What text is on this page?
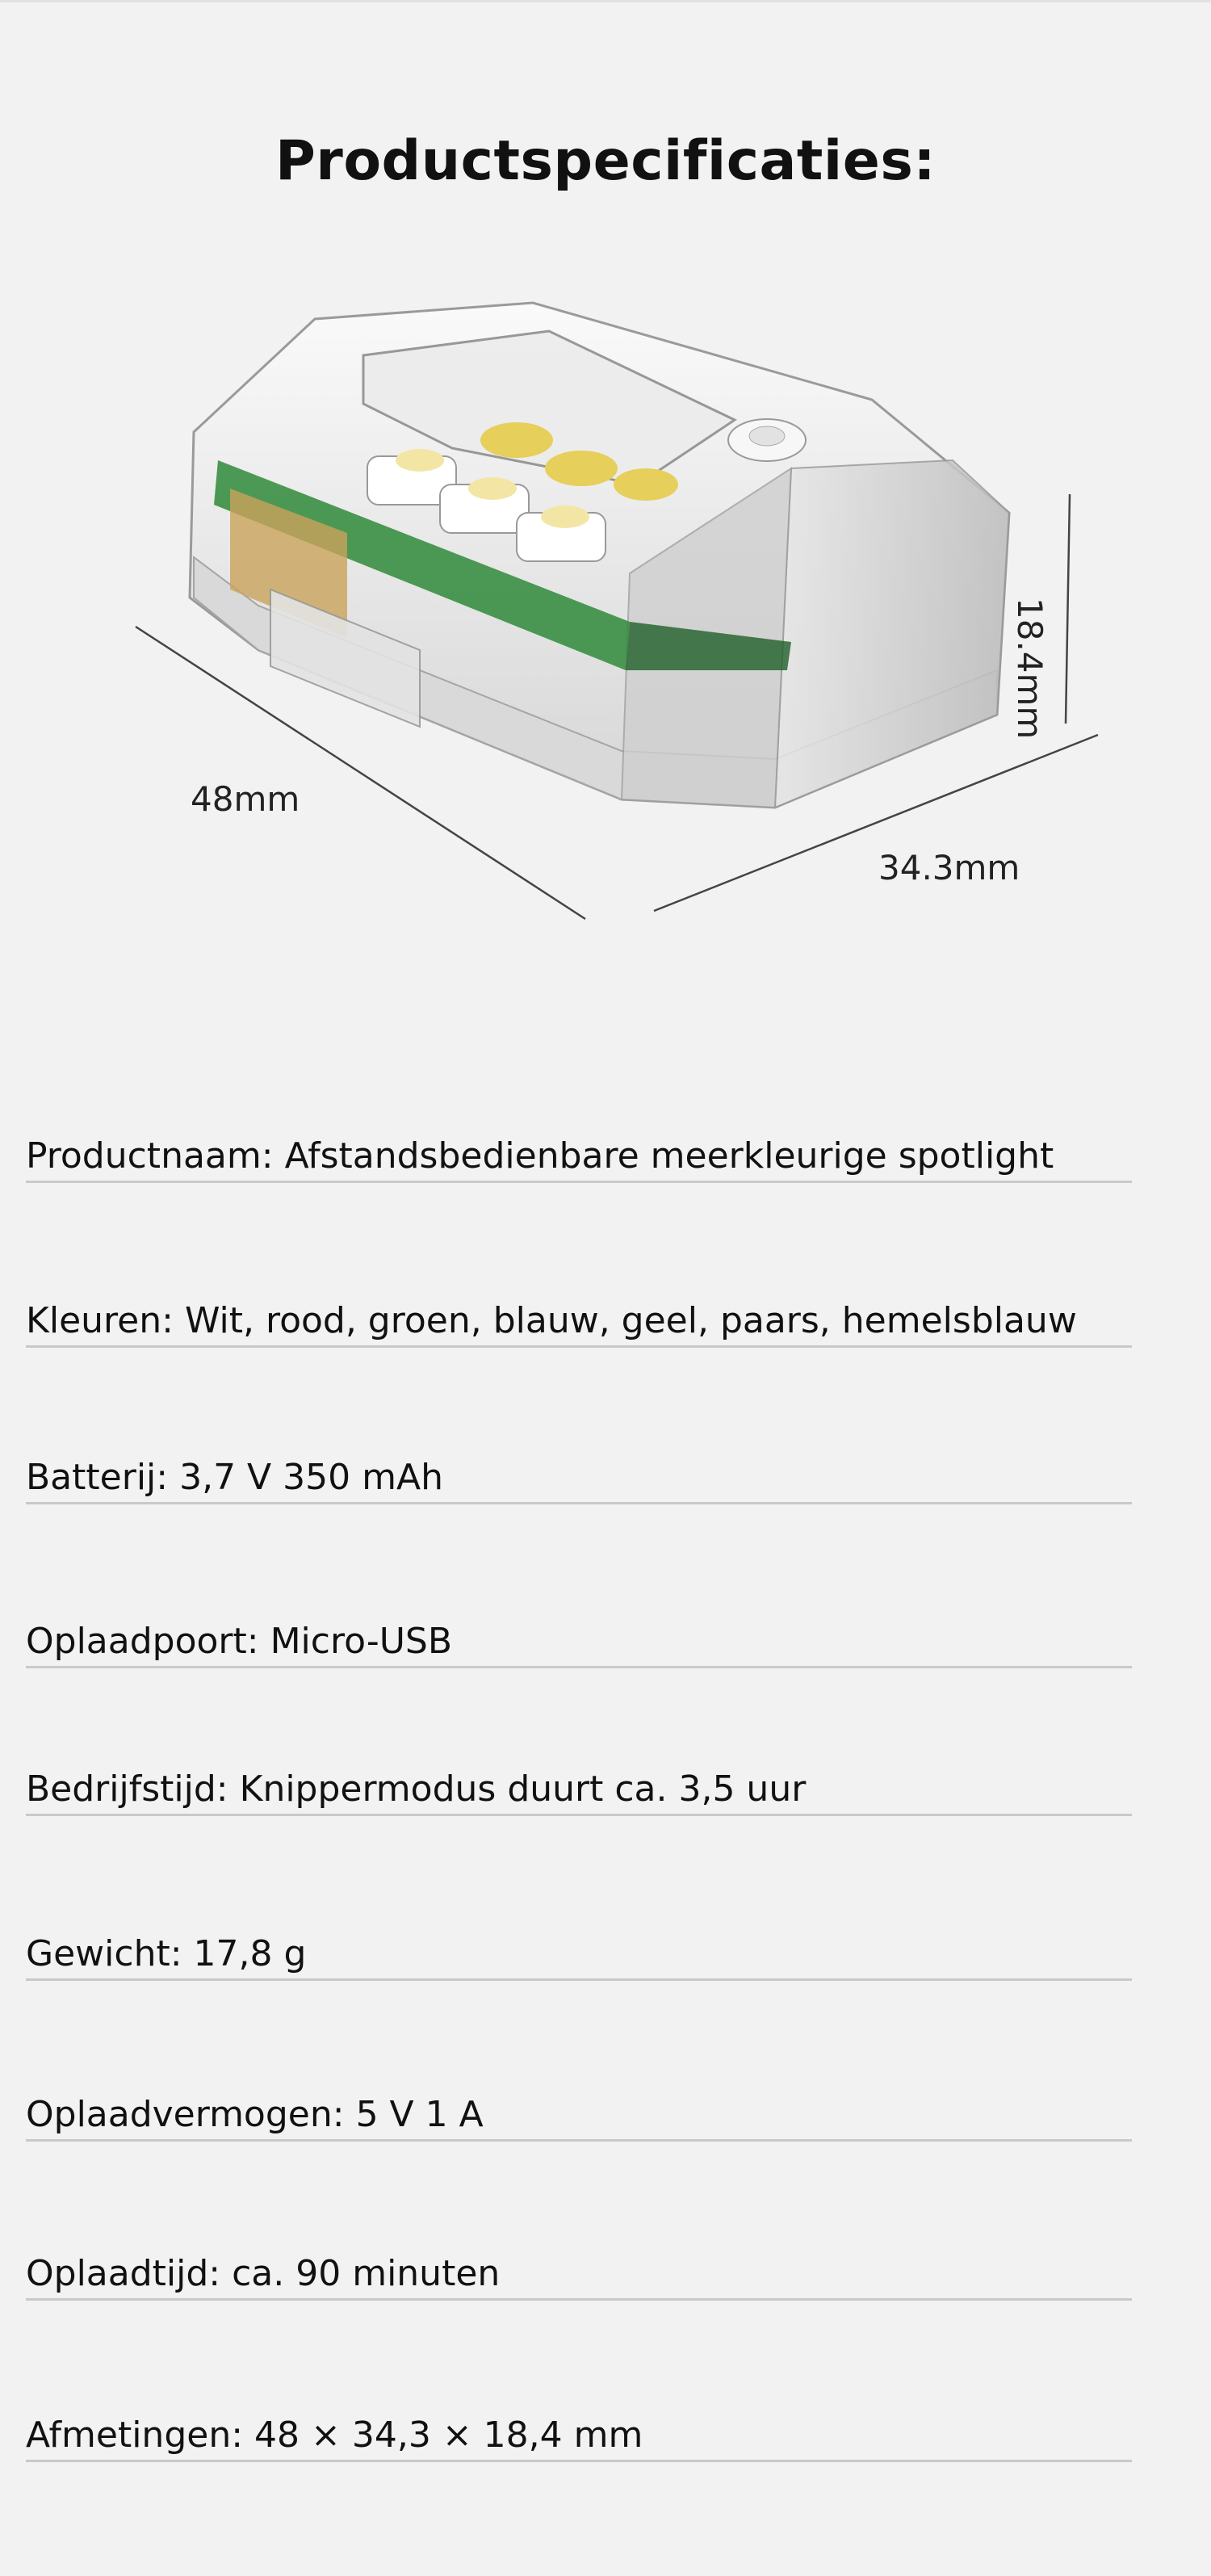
Productspecificaties:
48mm
34.3mm
18.4mm
Productnaam: Afstandsbedienbare meerkleurige spotlight
Kleuren: Wit, rood, groen, blauw, geel, paars, hemelsblauw
Batterij: 3,7 V 350 mAh
Oplaadpoort: Micro-USB
Bedrijfstijd: Knippermodus duurt ca. 3,5 uur
Gewicht: 17,8 g
Oplaadvermogen: 5 V 1 A
Oplaadtijd: ca. 90 minuten
Afmetingen: 48 × 34,3 × 18,4 mm
